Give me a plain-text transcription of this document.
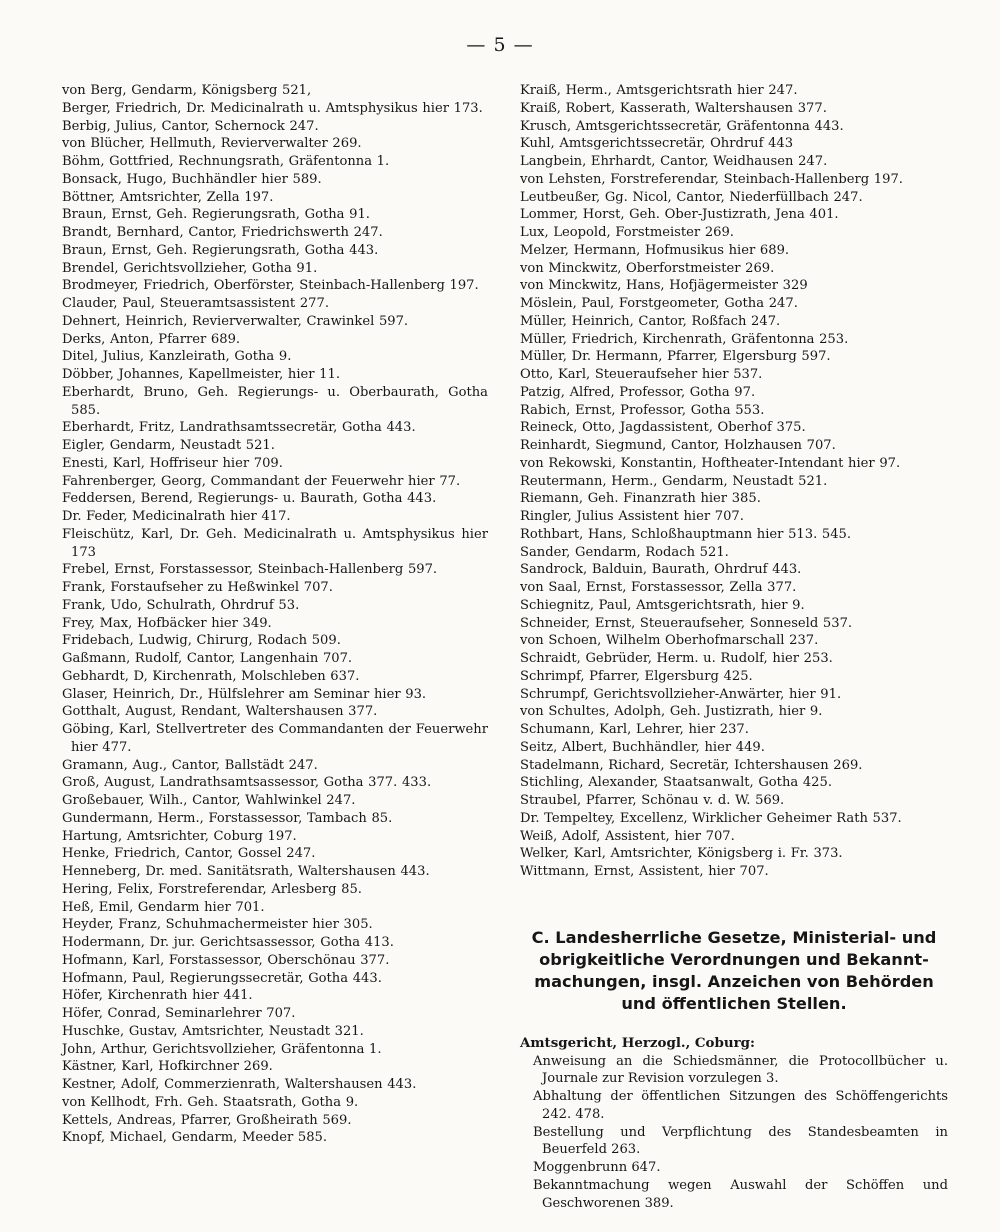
— 5 —
von Berg, Gendarm, Königsberg 521,
Berger, Friedrich, Dr. Medicinalrath u. Amtsphysikus hier 173.
Berbig, Julius, Cantor, Schernock 247.
von Blücher, Hellmuth, Revierverwalter 269.
Böhm, Gottfried, Rechnungsrath, Gräfentonna 1.
Bonsack, Hugo, Buchhändler hier 589.
Böttner, Amtsrichter, Zella 197.
Braun, Ernst, Geh. Regierungsrath, Gotha 91.
Brandt, Bernhard, Cantor, Friedrichswerth 247.
Braun, Ernst, Geh. Regierungsrath, Gotha 443.
Brendel, Gerichtsvollzieher, Gotha 91.
Brodmeyer, Friedrich, Oberförster, Steinbach-Hallenberg 197.
Clauder, Paul, Steueramtsassistent 277.
Dehnert, Heinrich, Revierverwalter, Crawinkel 597.
Derks, Anton, Pfarrer 689.
Ditel, Julius, Kanzleirath, Gotha 9.
Döbber, Johannes, Kapellmeister, hier 11.
Eberhardt, Bruno, Geh. Regierungs- u. Oberbaurath, Gotha 585.
Eberhardt, Fritz, Landrathsamtssecretär, Gotha 443.
Eigler, Gendarm, Neustadt 521.
Enesti, Karl, Hoffriseur hier 709.
Fahrenberger, Georg, Commandant der Feuerwehr hier 77.
Feddersen, Berend, Regierungs- u. Baurath, Gotha 443.
Dr. Feder, Medicinalrath hier 417.
Fleischütz, Karl, Dr. Geh. Medicinalrath u. Amtsphysikus hier 173
Frebel, Ernst, Forstassessor, Steinbach-Hallenberg 597.
Frank, Forstaufseher zu Heßwinkel 707.
Frank, Udo, Schulrath, Ohrdruf 53.
Frey, Max, Hofbäcker hier 349.
Fridebach, Ludwig, Chirurg, Rodach 509.
Gaßmann, Rudolf, Cantor, Langenhain 707.
Gebhardt, D, Kirchenrath, Molschleben 637.
Glaser, Heinrich, Dr., Hülfslehrer am Seminar hier 93.
Gotthalt, August, Rendant, Waltershausen 377.
Göbing, Karl, Stellvertreter des Commandanten der Feuerwehr hier 477.
Gramann, Aug., Cantor, Ballstädt 247.
Groß, August, Landrathsamtsassessor, Gotha 377. 433.
Großebauer, Wilh., Cantor, Wahlwinkel 247.
Gundermann, Herm., Forstassessor, Tambach 85.
Hartung, Amtsrichter, Coburg 197.
Henke, Friedrich, Cantor, Gossel 247.
Henneberg, Dr. med. Sanitätsrath, Waltershausen 443.
Hering, Felix, Forstreferendar, Arlesberg 85.
Heß, Emil, Gendarm hier 701.
Heyder, Franz, Schuhmachermeister hier 305.
Hodermann, Dr. jur. Gerichtsassessor, Gotha 413.
Hofmann, Karl, Forstassessor, Oberschönau 377.
Hofmann, Paul, Regierungssecretär, Gotha 443.
Höfer, Kirchenrath hier 441.
Höfer, Conrad, Seminarlehrer 707.
Huschke, Gustav, Amtsrichter, Neustadt 321.
John, Arthur, Gerichtsvollzieher, Gräfentonna 1.
Kästner, Karl, Hofkirchner 269.
Kestner, Adolf, Commerzienrath, Waltershausen 443.
von Kellhodt, Frh. Geh. Staatsrath, Gotha 9.
Kettels, Andreas, Pfarrer, Großheirath 569.
Knopf, Michael, Gendarm, Meeder 585.
Kraiß, Herm., Amtsgerichtsrath hier 247.
Kraiß, Robert, Kasserath, Waltershausen 377.
Krusch, Amtsgerichtssecretär, Gräfentonna 443.
Kuhl, Amtsgerichtssecretär, Ohrdruf 443
Langbein, Ehrhardt, Cantor, Weidhausen 247.
von Lehsten, Forstreferendar, Steinbach-Hallenberg 197.
Leutbeußer, Gg. Nicol, Cantor, Niederfüllbach 247.
Lommer, Horst, Geh. Ober-Justizrath, Jena 401.
Lux, Leopold, Forstmeister 269.
Melzer, Hermann, Hofmusikus hier 689.
von Minckwitz, Oberforstmeister 269.
von Minckwitz, Hans, Hofjägermeister 329
Möslein, Paul, Forstgeometer, Gotha 247.
Müller, Heinrich, Cantor, Roßfach 247.
Müller, Friedrich, Kirchenrath, Gräfentonna 253.
Müller, Dr. Hermann, Pfarrer, Elgersburg 597.
Otto, Karl, Steueraufseher hier 537.
Patzig, Alfred, Professor, Gotha 97.
Rabich, Ernst, Professor, Gotha 553.
Reineck, Otto, Jagdassistent, Oberhof 375.
Reinhardt, Siegmund, Cantor, Holzhausen 707.
von Rekowski, Konstantin, Hoftheater-Intendant hier 97.
Reutermann, Herm., Gendarm, Neustadt 521.
Riemann, Geh. Finanzrath hier 385.
Ringler, Julius Assistent hier 707.
Rothbart, Hans, Schloßhauptmann hier 513. 545.
Sander, Gendarm, Rodach 521.
Sandrock, Balduin, Baurath, Ohrdruf 443.
von Saal, Ernst, Forstassessor, Zella 377.
Schiegnitz, Paul, Amtsgerichtsrath, hier 9.
Schneider, Ernst, Steueraufseher, Sonneseld 537.
von Schoen, Wilhelm Oberhofmarschall 237.
Schraidt, Gebrüder, Herm. u. Rudolf, hier 253.
Schrimpf, Pfarrer, Elgersburg 425.
Schrumpf, Gerichtsvollzieher-Anwärter, hier 91.
von Schultes, Adolph, Geh. Justizrath, hier 9.
Schumann, Karl, Lehrer, hier 237.
Seitz, Albert, Buchhändler, hier 449.
Stadelmann, Richard, Secretär, Ichtershausen 269.
Stichling, Alexander, Staatsanwalt, Gotha 425.
Straubel, Pfarrer, Schönau v. d. W. 569.
Dr. Tempeltey, Excellenz, Wirklicher Geheimer Rath 537.
Weiß, Adolf, Assistent, hier 707.
Welker, Karl, Amtsrichter, Königsberg i. Fr. 373.
Wittmann, Ernst, Assistent, hier 707.
C. Landesherrliche Gesetze, Ministerial- und
obrigkeitliche Verordnungen und Bekannt-
machungen, insgl. Anzeichen von Behörden
und öffentlichen Stellen.
Amtsgericht, Herzogl., Coburg:
Anweisung an die Schiedsmänner, die Protocollbücher u. Journale zur Revision vorzulegen 3.
Abhaltung der öffentlichen Sitzungen des Schöffengerichts 242. 478.
Bestellung und Verpflichtung des Standesbeamten in Beuerfeld 263.
Moggenbrunn 647.
Bekanntmachung wegen Auswahl der Schöffen und Geschworenen 389.
